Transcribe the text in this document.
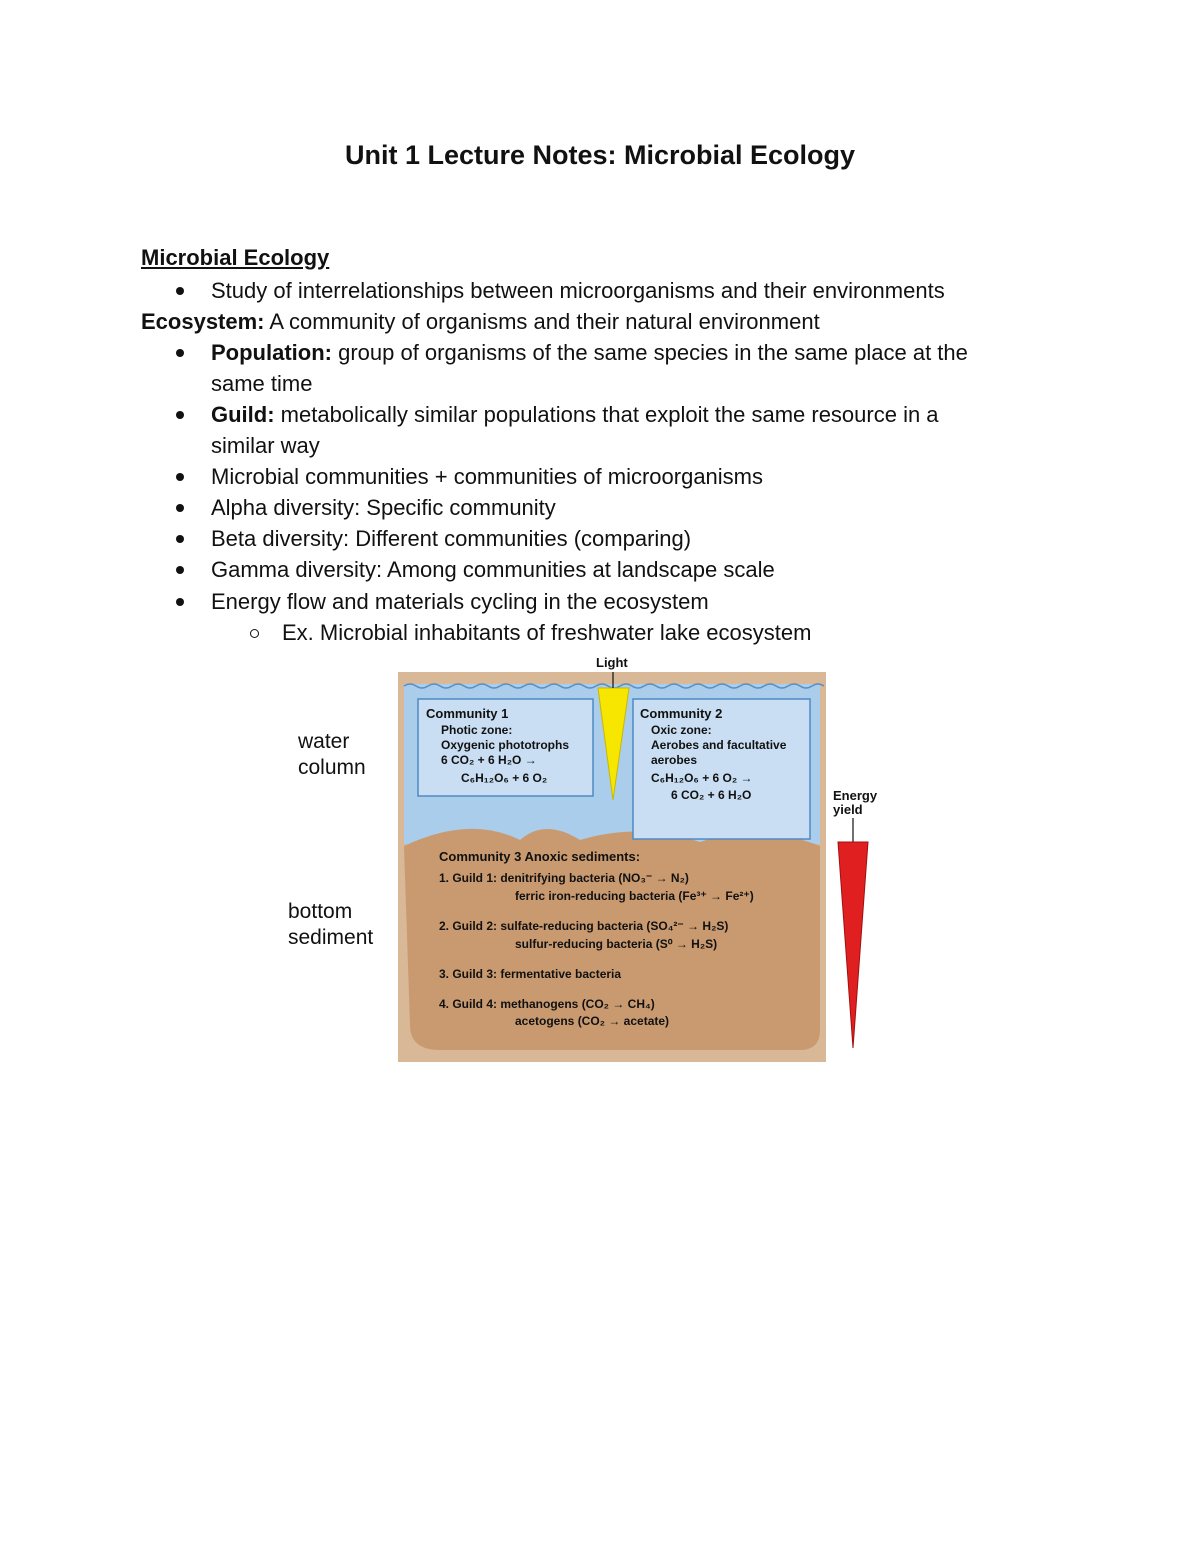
Unit 1 Lecture Notes: Microbial Ecology
Microbial Ecology
Study of interrelationships between microorganisms and their environments
Ecosystem: A community of organisms and their natural environment
Population: group of organisms of the same species in the same place at the
same time
Guild: metabolically similar populations that exploit the same resource in a
similar way
Microbial communities + communities of microorganisms
Alpha diversity: Specific community
Beta diversity: Different communities (comparing)
Gamma diversity: Among communities at landscape scale
Energy flow and materials cycling in the ecosystem
Ex. Microbial inhabitants of freshwater lake ecosystem
water
column
bottom
sediment
Community 1
Photic zone:
Oxygenic phototrophs
6 CO₂ + 6 H₂O →
C₆H₁₂O₆ + 6 O₂
Light
Community 2
Oxic zone:
Aerobes and facultative
aerobes
C₆H₁₂O₆ + 6 O₂ →
6 CO₂ + 6 H₂O
Community 3 Anoxic sediments:
1. Guild 1: denitrifying bacteria (NO₃⁻ → N₂)
ferric iron-reducing bacteria (Fe³⁺ → Fe²⁺)
2. Guild 2: sulfate-reducing bacteria (SO₄²⁻ → H₂S)
sulfur-reducing bacteria (S⁰ → H₂S)
3. Guild 3: fermentative bacteria
4. Guild 4: methanogens (CO₂ → CH₄)
acetogens (CO₂ → acetate)
Energy
yield
